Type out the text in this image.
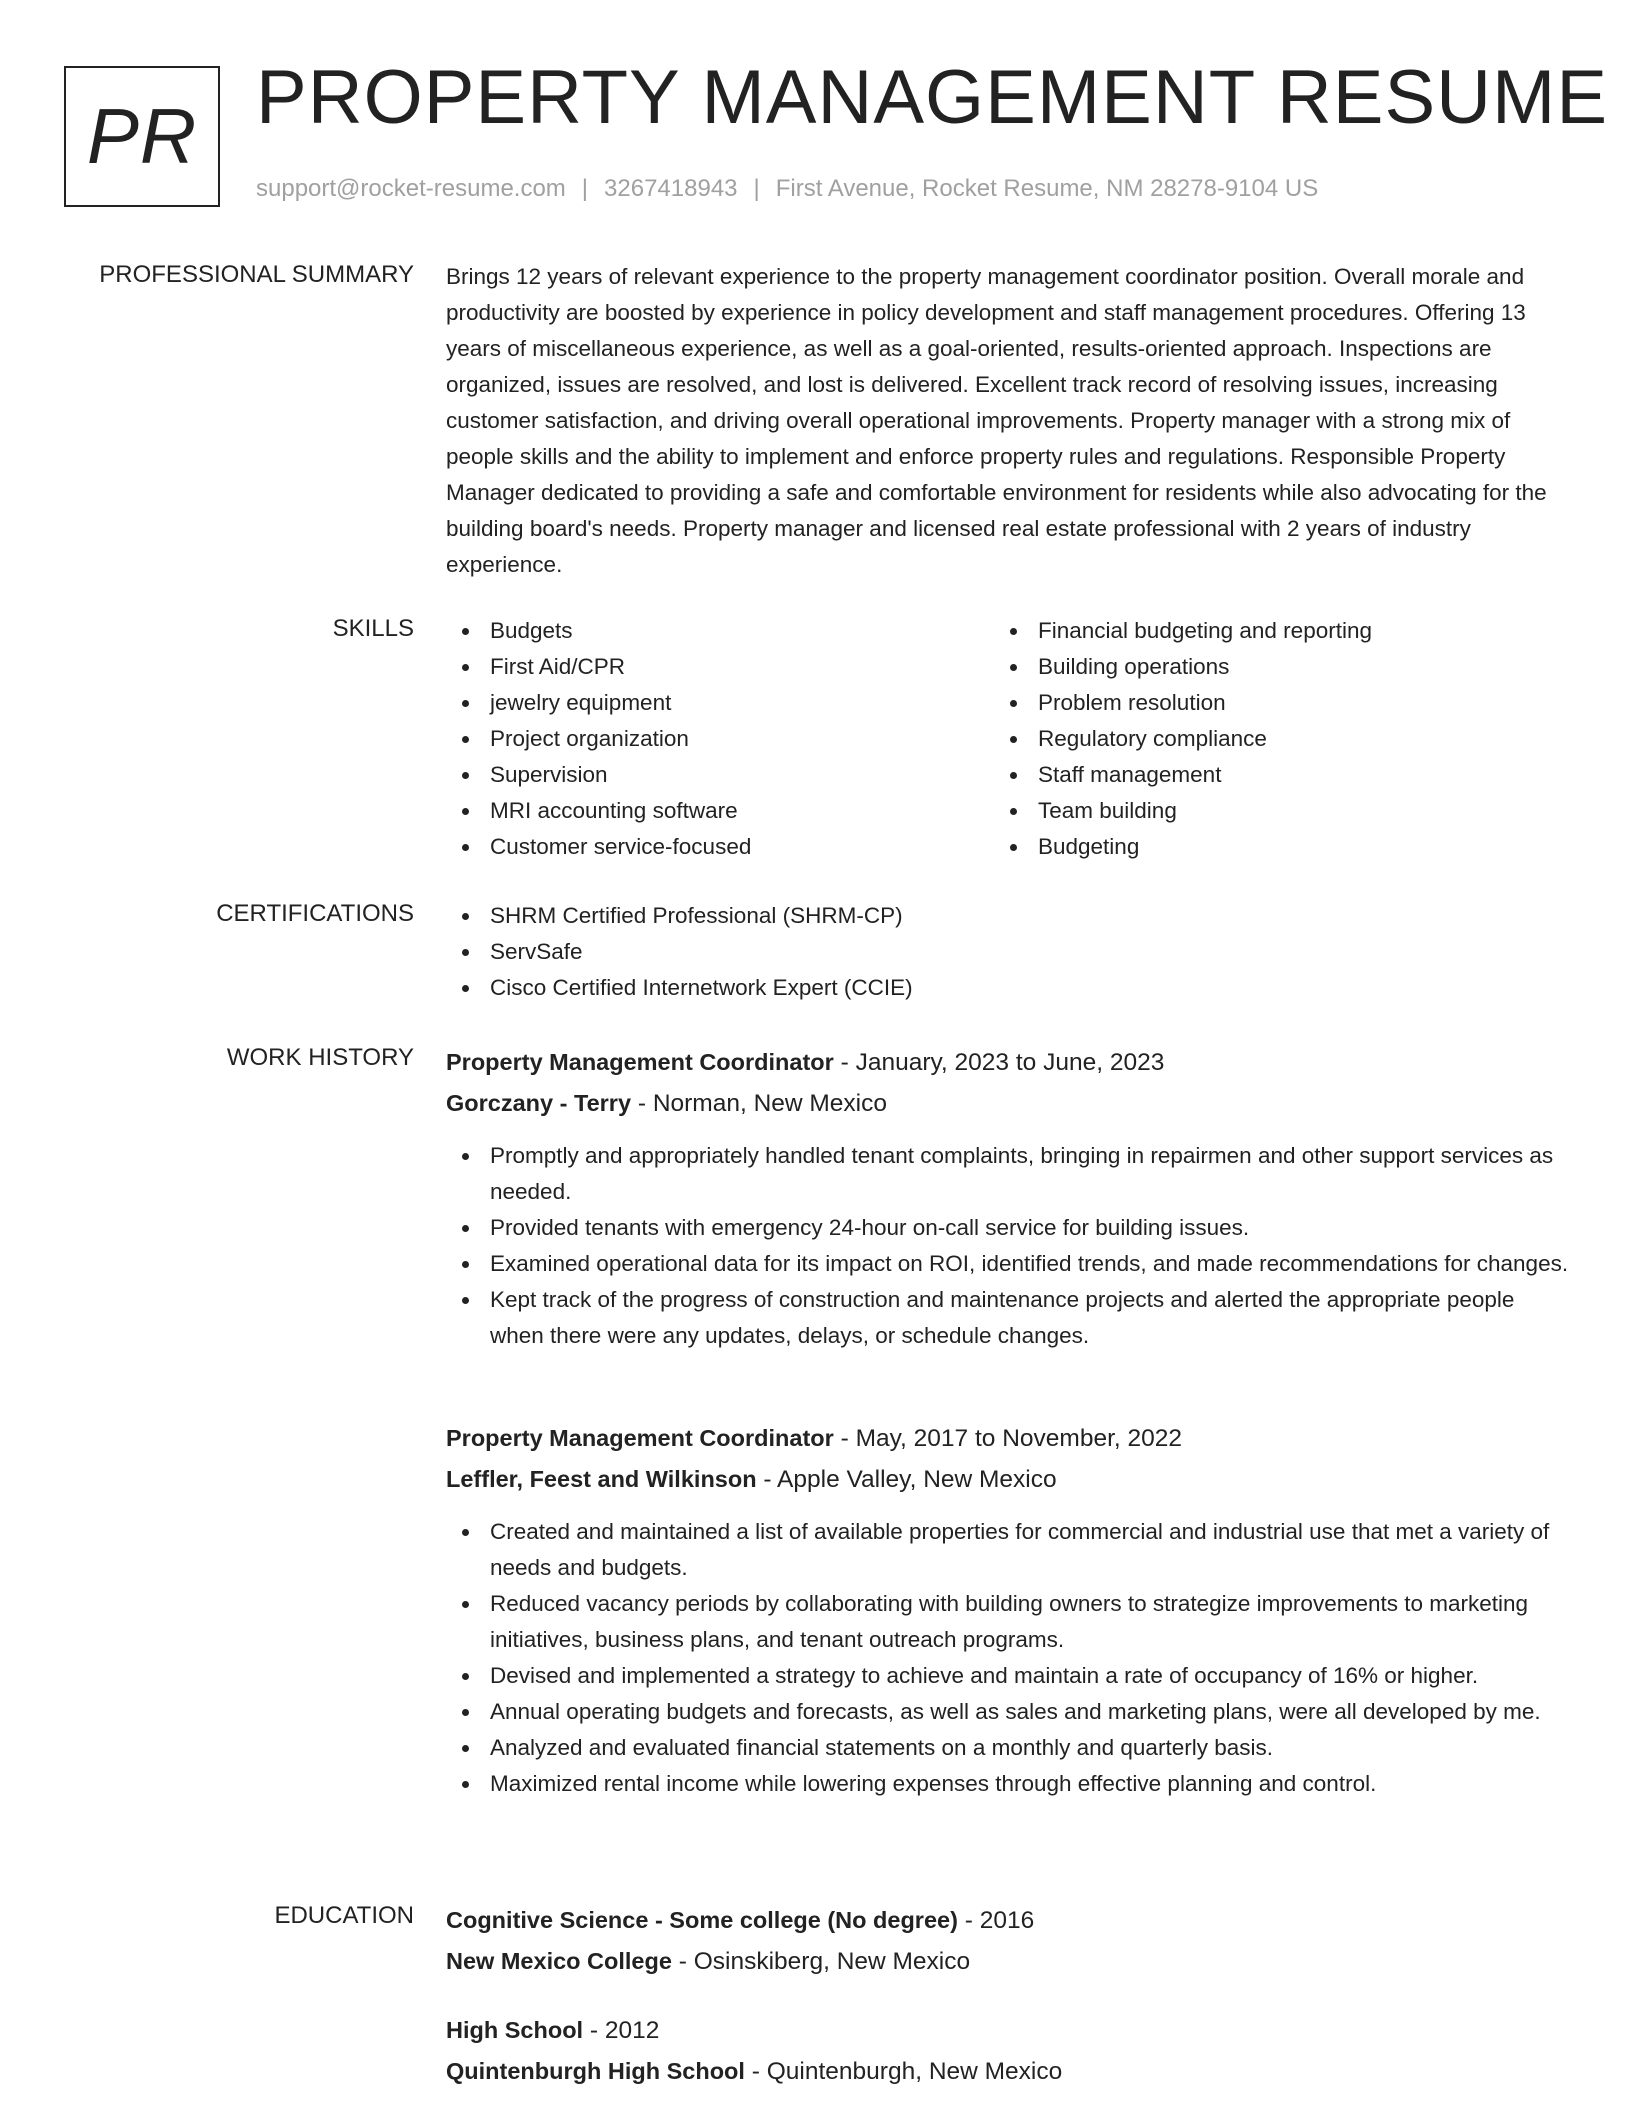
PR PROPERTY MANAGEMENT RESUME
support@rocket-resume.com | 3267418943 | First Avenue, Rocket Resume, NM 28278-9104 US
PROFESSIONAL SUMMARY Brings 12 years of relevant experience to the property management coordinator position. Overall morale and productivity are boosted by experience in policy development and staff management procedures. Offering 13 years of miscellaneous experience, as well as a goal-oriented, results-oriented approach. Inspections are organized, issues are resolved, and lost is delivered. Excellent track record of resolving issues, increasing customer satisfaction, and driving overall operational improvements. Property manager with a strong mix of people skills and the ability to implement and enforce property rules and regulations. Responsible Property Manager dedicated to providing a safe and comfortable environment for residents while also advocating for the building board's needs. Property manager and licensed real estate professional with 2 years of industry experience.

SKILLS	Budgets
First Aid/CPR
jewelry equipment
Project organization
Supervision
MRI accounting software
Customer service-focused
Financial budgeting and reporting
Building operations
Problem resolution
Regulatory compliance
Staff management
Team building
Budgeting
CERTIFICATIONS	SHRM Certified Professional (SHRM-CP)
ServSafe
Cisco Certified Internetwork Expert (CCIE)
WORK HISTORY Property Management Coordinator - January, 2023 to June, 2023
Gorczany - Terry - Norman, New Mexico
Promptly and appropriately handled tenant complaints, bringing in repairmen and other support services as needed.
Provided tenants with emergency 24-hour on-call service for building issues.
Examined operational data for its impact on ROI, identified trends, and made recommendations for changes.
Kept track of the progress of construction and maintenance projects and alerted the appropriate people when there were any updates, delays, or schedule changes.
Property Management Coordinator - May, 2017 to November, 2022
Leffler, Feest and Wilkinson - Apple Valley, New Mexico
Created and maintained a list of available properties for commercial and industrial use that met a variety of needs and budgets.
Reduced vacancy periods by collaborating with building owners to strategize improvements to marketing initiatives, business plans, and tenant outreach programs.
Devised and implemented a strategy to achieve and maintain a rate of occupancy of 16% or higher.
Annual operating budgets and forecasts, as well as sales and marketing plans, were all developed by me.
Analyzed and evaluated financial statements on a monthly and quarterly basis.
Maximized rental income while lowering expenses through effective planning and control.
EDUCATION Cognitive Science - Some college (No degree) - 2016
New Mexico College - Osinskiberg, New Mexico
High School - 2012
Quintenburgh High School - Quintenburgh, New Mexico
